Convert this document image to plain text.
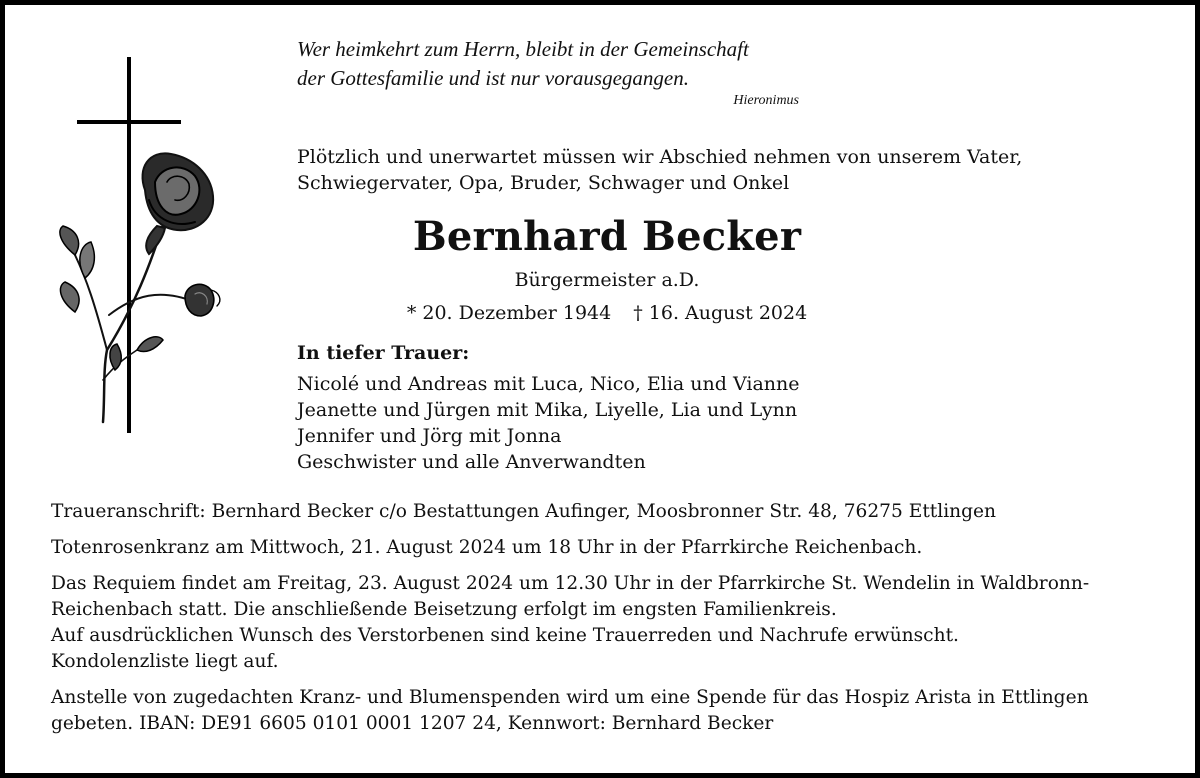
Wer heimkehrt zum Herrn, bleibt in der Gemeinschaft
der Gottesfamilie und ist nur vorausgegangen.
Hieronimus
Plötzlich und unerwartet müssen wir Abschied nehmen von unserem Vater,
Schwiegervater, Opa, Bruder, Schwager und Onkel
Bernhard Becker
Bürgermeister a.D.
* 20. Dezember 1944 † 16. August 2024
In tiefer Trauer:
Nicolé und Andreas mit Luca, Nico, Elia und Vianne
Jeanette und Jürgen mit Mika, Liyelle, Lia und Lynn
Jennifer und Jörg mit Jonna
Geschwister und alle Anverwandten

Traueranschrift: Bernhard Becker c/o Bestattungen Aufinger, Moosbronner Str. 48, 76275 Ettlingen

Totenrosenkranz am Mittwoch, 21. August 2024 um 18 Uhr in der Pfarrkirche Reichenbach.

Das Requiem findet am Freitag, 23. August 2024 um 12.30 Uhr in der Pfarrkirche St. Wendelin in Waldbronn-
Reichenbach statt. Die anschließende Beisetzung erfolgt im engsten Familienkreis.
Auf ausdrücklichen Wunsch des Verstorbenen sind keine Trauerreden und Nachrufe erwünscht.
Kondolenzliste liegt auf.

Anstelle von zugedachten Kranz- und Blumenspenden wird um eine Spende für das Hospiz Arista in Ettlingen
gebeten. IBAN: DE91 6605 0101 0001 1207 24, Kennwort: Bernhard Becker
